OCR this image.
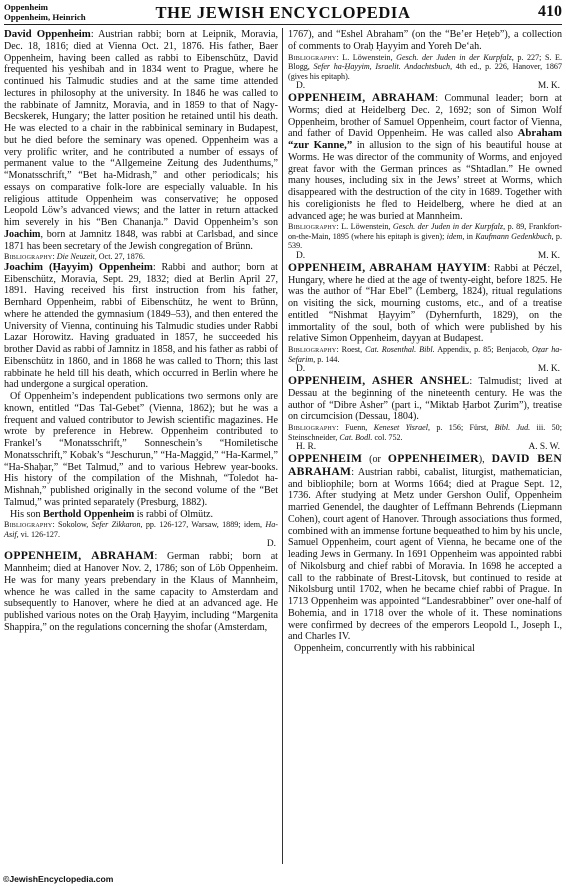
Oppenheim
Oppenheim, Heinrich	THE JEWISH ENCYCLOPEDIA	410

David Oppenheim: Austrian rabbi; born at Leipnik, Moravia, Dec. 18, 1816; died at Vienna Oct. 21, 1876. His father, Baer Oppenheim, having been called as rabbi to Eibenschütz, David frequented his yeshibah and in 1834 went to Prague, where he continued his Talmudic studies and at the same time attended lectures in philosophy at the university. In 1846 he was called to the rabbinate of Jamnitz, Moravia, and in 1859 to that of Nagy-Becskerek, Hungary; the latter position he retained until his death. He was elected to a chair in the rabbinical seminary in Budapest, but he died before the seminary was opened. Oppenheim was a very prolific writer, and he contributed a number of essays of permanent value to the “Allgemeine Zeitung des Judenthums,” “Monatsschrift,” “Bet ha-Midrash,” and other periodicals; his essays on comparative folk-lore are especially valuable. In his religious attitude Oppenheim was conservative; he opposed Leopold Löw’s advanced views; and the latter in return attacked him severely in his “Ben Chananja.” David Oppenheim’s son Joachim, born at Jamnitz 1848, was rabbi at Carlsbad, and since 1871 has been secretary of the Jewish congregation of Brünn.

Bibliography: Die Neuzeit, Oct. 27, 1876.

Joachim (Ḥayyim) Oppenheim: Rabbi and author; born at Eibenschütz, Moravia, Sept. 29, 1832; died at Berlin April 27, 1891. Having received his first instruction from his father, Bernhard Oppenheim, rabbi of Eibenschütz, he went to Brünn, where he attended the gymnasium (1849–53), and then entered the University of Vienna, continuing his Talmudic studies under Rabbi Lazar Horowitz. Having graduated in 1857, he succeeded his brother David as rabbi of Jamnitz in 1858, and his father as rabbi of Eibenschütz in 1860, and in 1868 he was called to Thorn; this last rabbinate he held till his death, which occurred in Berlin where he had undergone a surgical operation.

Of Oppenheim’s independent publications two sermons only are known, entitled “Das Tal-Gebet” (Vienna, 1862); but he was a frequent and valued contributor to Jewish scientific magazines. He wrote by preference in Hebrew. Oppenheim contributed to Frankel’s “Monatsschrift,” Sonneschein’s “Homiletische Monatsschrift,” Kobak’s “Jeschurun,” “Ha-Maggid,” “Ha-Karmel,” “Ha-Shaḥar,” “Bet Talmud,” and to various Hebrew year-books. His history of the compilation of the Mishnah, “Toledot ha-Mishnah,” published originally in the second volume of the “Bet Talmud,” was printed separately (Presburg, 1882).

His son Berthold Oppenheim is rabbi of Olmütz.

Bibliography: Sokolow, Sefer Zikkaron, pp. 126-127, Warsaw, 1889; idem, Ha-Asif, vi. 126-127.

D.

OPPENHEIM, ABRAHAM: German rabbi; born at Mannheim; died at Hanover Nov. 2, 1786; son of Löb Oppenheim. He was for many years prebendary in the Klaus of Mannheim, whence he was called in the same capacity to Amsterdam and subsequently to Hanover, where he died at an advanced age. He published various notes on the Oraḥ Ḥayyim, including “Margenita Shappira,” on the regulations concerning the shofar (Amsterdam,

1767), and “Eshel Abraham” (on the “Be’er Heṭeb”), a collection of comments to Oraḥ Ḥayyim and Yoreh De‘ah.

Bibliography: L. Löwenstein, Gesch. der Juden in der Kurpfalz, p. 227; S. E. Blogg, Sefer ha-Ḥayyim, Israelit. Andachtsbuch, 4th ed., p. 226, Hanover, 1867 (gives his epitaph).

D.	M. K.

OPPENHEIM, ABRAHAM: Communal leader; born at Worms; died at Heidelberg Dec. 2, 1692; son of Simon Wolf Oppenheim, brother of Samuel Oppenheim, court factor of Vienna, and father of David Oppenheim. He was called also Abraham “zur Kanne,” in allusion to the sign of his beautiful house at Worms. He was director of the community of Worms, and enjoyed great favor with the German princes as “Shtadlan.” He owned many houses, including six in the Jews’ street at Worms, which disappeared with the destruction of the city in 1689. Together with his coreligionists he fled to Heidelberg, where he died at an advanced age; he was buried at Mannheim.

Bibliography: L. Löwenstein, Gesch. der Juden in der Kurpfalz, p. 89, Frankfort-on-the-Main, 1895 (where his epitaph is given); idem, in Kaufmann Gedenkbuch, p. 539.

D.	M. K.

OPPENHEIM, ABRAHAM ḤAYYIM: Rabbi at Péczel, Hungary, where he died at the age of twenty-eight, before 1825. He was the author of “Har Ebel” (Lemberg, 1824), ritual regulations on visiting the sick, mourning customs, etc., and of a treatise entitled “Nishmat Ḥayyim” (Dyhernfurth, 1829), on the immortality of the soul, both of which were published by his relative Simon Oppenheim, dayyan at Budapest.

Bibliography: Roest, Cat. Rosenthal. Bibl. Appendix, p. 85; Benjacob, Oẓar ha-Sefarim, p. 144.

D.	M. K.

OPPENHEIM, ASHER ANSHEL: Talmudist; lived at Dessau at the beginning of the nineteenth century. He was the author of “Dibre Asher” (part i., “Miktab Ḥarbot Ẓurim”), treatise on circumcision (Dessau, 1804).

Bibliography: Fuenn, Keneset Yisrael, p. 156; Fürst, Bibl. Jud. iii. 50; Steinschneider, Cat. Bodl. col. 752.

H. R.	A. S. W.

OPPENHEIM (or OPPENHEIMER), DAVID BEN ABRAHAM: Austrian rabbi, cabalist, liturgist, mathematician, and bibliophile; born at Worms 1664; died at Prague Sept. 12, 1736. After studying at Metz under Gershon Oulif, Oppenheim married Genendel, the daughter of Leffmann Behrends (Liepmann Cohen), court agent of Hanover. Through associations thus formed, combined with an immense fortune bequeathed to him by his uncle, Samuel Oppenheim, court agent of Vienna, he became one of the leading Jews in Germany. In 1691 Oppenheim was appointed rabbi of Nikolsburg and chief rabbi of Moravia. In 1698 he accepted a call to the rabbinate of Brest-Litovsk, but continued to reside at Nikolsburg until 1702, when he became chief rabbi of Prague. In 1713 Oppenheim was appointed “Landesrabbiner” over one-half of Bohemia, and in 1718 over the whole of it. These nominations were confirmed by decrees of the emperors Leopold I., Joseph I., and Charles IV.

Oppenheim, concurrently with his rabbinical

©JewishEncyclopedia.com
